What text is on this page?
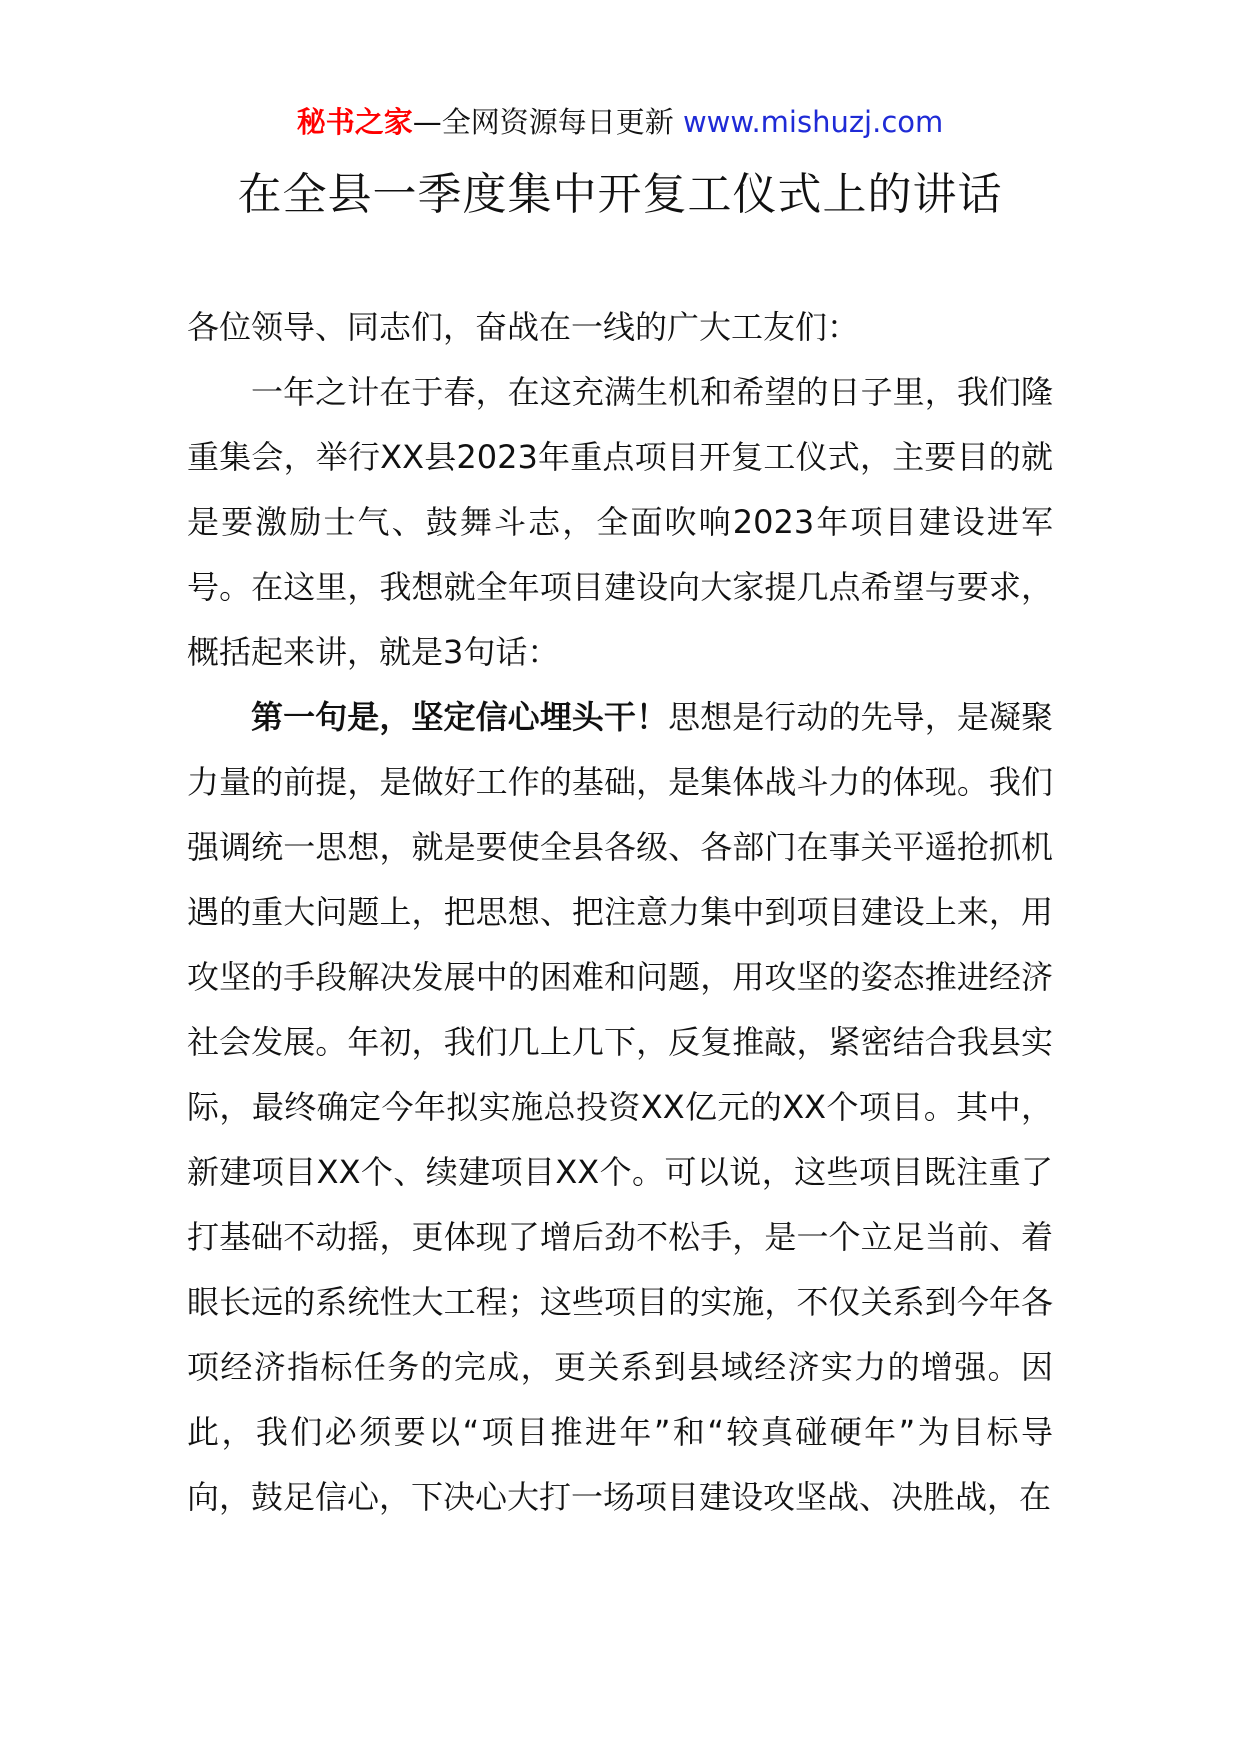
秘书之家—全网资源每日更新 www.mishuzj.com
在全县一季度集中开复工仪式上的讲话

各位领导、同志们，奋战在一线的广大工友们：

一年之计在于春，在这充满生机和希望的日子里，我们隆重集会，举行XX县2023年重点项目开复工仪式，主要目的就是要激励士气、鼓舞斗志，全面吹响2023年项目建设进军号。在这里，我想就全年项目建设向大家提几点希望与要求，概括起来讲，就是3句话：

第一句是，坚定信心埋头干！思想是行动的先导，是凝聚力量的前提，是做好工作的基础，是集体战斗力的体现。我们强调统一思想，就是要使全县各级、各部门在事关平遥抢抓机遇的重大问题上，把思想、把注意力集中到项目建设上来，用攻坚的手段解决发展中的困难和问题，用攻坚的姿态推进经济社会发展。年初，我们几上几下，反复推敲，紧密结合我县实际，最终确定今年拟实施总投资XX亿元的XX个项目。其中，新建项目XX个、续建项目XX个。可以说，这些项目既注重了打基础不动摇，更体现了增后劲不松手，是一个立足当前、着眼长远的系统性大工程；这些项目的实施，不仅关系到今年各项经济指标任务的完成，更关系到县域经济实力的增强。因此，我们必须要以“项目推进年”和“较真碰硬年”为目标导向，鼓足信心，下决心大打一场项目建设攻坚战、决胜战，在
